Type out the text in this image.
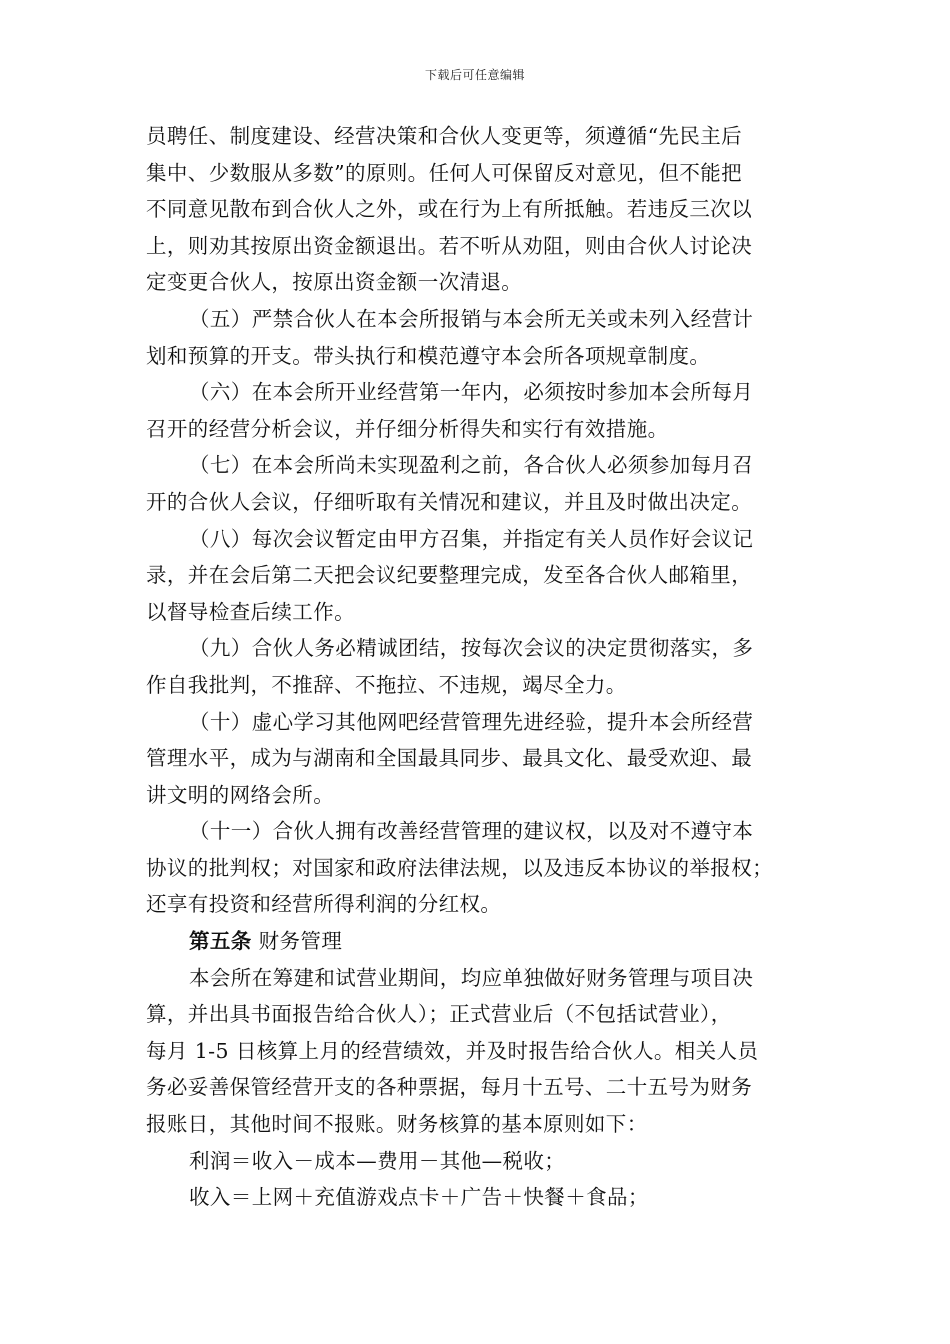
下载后可任意编辑
员聘任、制度建设、经营决策和合伙人变更等，须遵循“先民主后
集中、少数服从多数”的原则。任何人可保留反对意见，但不能把
不同意见散布到合伙人之外，或在行为上有所抵触。若违反三次以
上，则劝其按原出资金额退出。若不听从劝阻，则由合伙人讨论决
定变更合伙人，按原出资金额一次清退。
（五）严禁合伙人在本会所报销与本会所无关或未列入经营计
划和预算的开支。带头执行和模范遵守本会所各项规章制度。
（六）在本会所开业经营第一年内，必须按时参加本会所每月
召开的经营分析会议，并仔细分析得失和实行有效措施。
（七）在本会所尚未实现盈利之前，各合伙人必须参加每月召
开的合伙人会议，仔细听取有关情况和建议，并且及时做出决定。
（八）每次会议暂定由甲方召集，并指定有关人员作好会议记
录，并在会后第二天把会议纪要整理完成，发至各合伙人邮箱里，
以督导检查后续工作。
（九）合伙人务必精诚团结，按每次会议的决定贯彻落实，多
作自我批判，不推辞、不拖拉、不违规，竭尽全力。
（十）虚心学习其他网吧经营管理先进经验，提升本会所经营
管理水平，成为与湖南和全国最具同步、最具文化、最受欢迎、最
讲文明的网络会所。
（十一）合伙人拥有改善经营管理的建议权，以及对不遵守本
协议的批判权；对国家和政府法律法规，以及违反本协议的举报权；
还享有投资和经营所得利润的分红权。
第五条 财务管理
本会所在筹建和试营业期间，均应单独做好财务管理与项目决
算，并出具书面报告给合伙人）；正式营业后（不包括试营业），
每月 1-5 日核算上月的经营绩效，并及时报告给合伙人。相关人员
务必妥善保管经营开支的各种票据，每月十五号、二十五号为财务
报账日，其他时间不报账。财务核算的基本原则如下：
利润＝收入－成本—费用－其他—税收；
收入＝上网＋充值游戏点卡＋广告＋快餐＋食品；
